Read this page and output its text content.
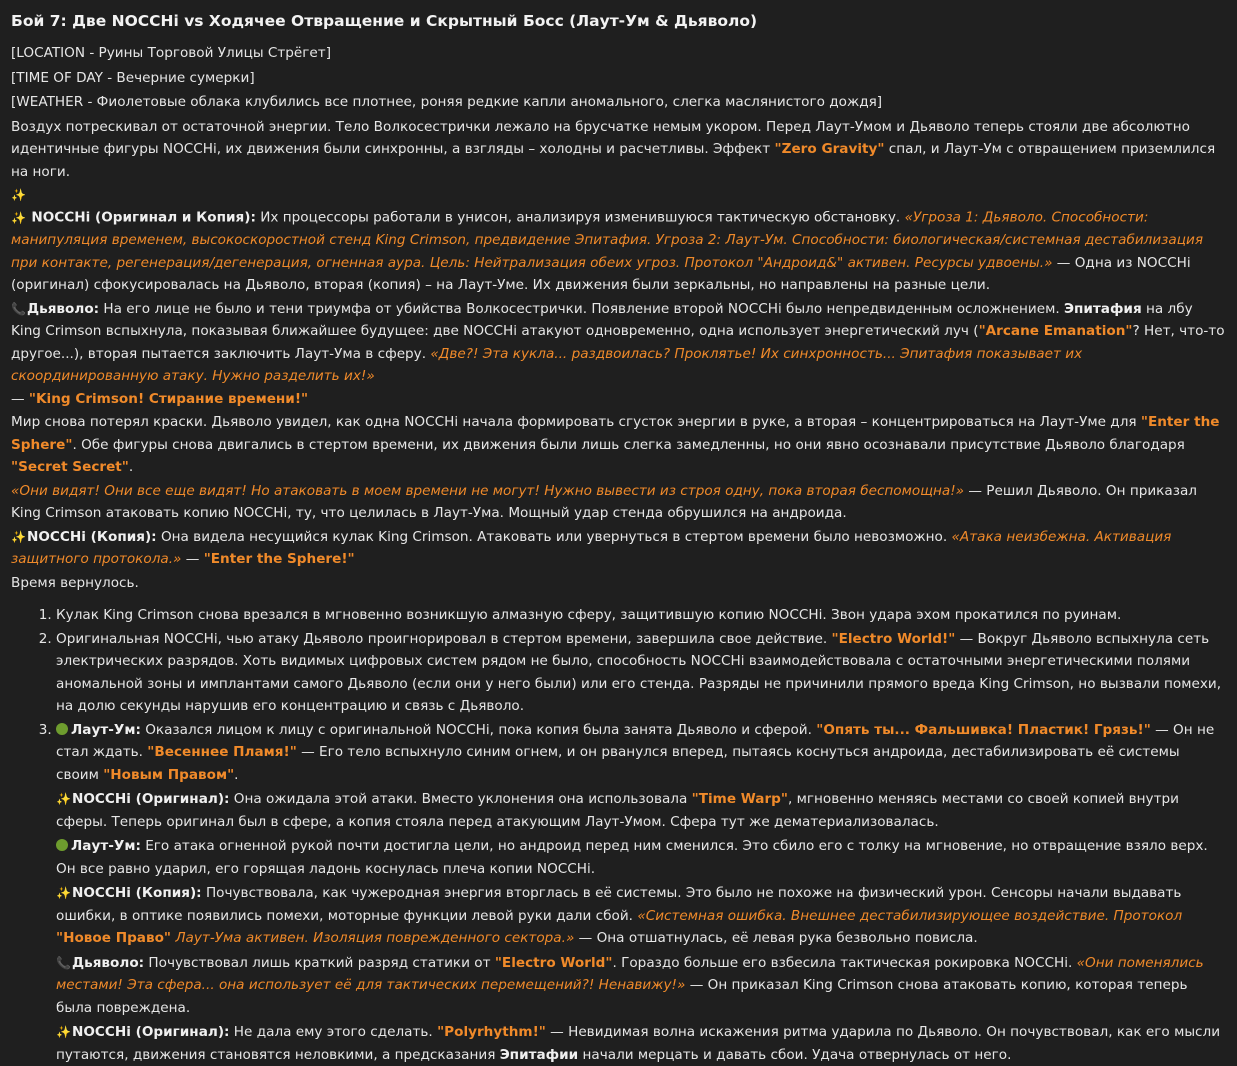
Бой 7: Две NOCCHi vs Ходячее Отвращение и Скрытный Босс (Лаут-Ум & Дьяволо)
[LOCATION - Руины Торговой Улицы Стрёгет]
[TIME OF DAY - Вечерние сумерки]
[WEATHER - Фиолетовые облака клубились все плотнее, роняя редкие капли аномального, слегка маслянистого дождя]
Воздух потрескивал от остаточной энергии. Тело Волкосестрички лежало на брусчатке немым укором. Перед Лаут-Умом и Дьяволо теперь стояли две абсолютно идентичные фигуры NOCCHi, их движения были синхронны, а взгляды – холодны и расчетливы. Эффект "Zero Gravity" спал, и Лаут-Ум с отвращением приземлился на ноги.
✨ ✨ NOCCHi (Оригинал и Копия): Их процессоры работали в унисон, анализируя изменившуюся тактическую обстановку. «Угроза 1: Дьяволо. Способности: манипуляция временем, высокоскоростной стенд King Crimson, предвидение Эпитафия. Угроза 2: Лаут-Ум. Способности: биологическая/системная дестабилизация при контакте, регенерация/дегенерация, огненная аура. Цель: Нейтрализация обеих угроз. Протокол "Андроид&" активен. Ресурсы удвоены.» — Одна из NOCCHi (оригинал) сфокусировалась на Дьяволо, вторая (копия) – на Лаут-Уме. Их движения были зеркальны, но направлены на разные цели.
📞Дьяволо: На его лице не было и тени триумфа от убийства Волкосестрички. Появление второй NOCCHi было непредвиденным осложнением. Эпитафия на лбу King Crimson вспыхнула, показывая ближайшее будущее: две NOCCHi атакуют одновременно, одна использует энергетический луч ("Arcane Emanation"? Нет, что-то другое...), вторая пытается заключить Лаут-Ума в сферу. «Две?! Эта кукла... раздвоилась? Проклятье! Их синхронность... Эпитафия показывает их скоординированную атаку. Нужно разделить их!»
— "King Crimson! Стирание времени!"
Мир снова потерял краски. Дьяволо увидел, как одна NOCCHi начала формировать сгусток энергии в руке, а вторая – концентрироваться на Лаут-Уме для "Enter the Sphere". Обе фигуры снова двигались в стертом времени, их движения были лишь слегка замедленны, но они явно осознавали присутствие Дьяволо благодаря "Secret Secret".
«Они видят! Они все еще видят! Но атаковать в моем времени не могут! Нужно вывести из строя одну, пока вторая беспомощна!» — Решил Дьяволо. Он приказал King Crimson атаковать копию NOCCHi, ту, что целилась в Лаут-Ума. Мощный удар стенда обрушился на андроида.
✨NOCCHi (Копия): Она видела несущийся кулак King Crimson. Атаковать или увернуться в стертом времени было невозможно. «Атака неизбежна. Активация защитного протокола.» — "Enter the Sphere!"
Время вернулось.
1. Кулак King Crimson снова врезался в мгновенно возникшую алмазную сферу, защитившую копию NOCCHi. Звон удара эхом прокатился по руинам.
2. Оригинальная NOCCHi, чью атаку Дьяволо проигнорировал в стертом времени, завершила свое действие. "Electro World!" — Вокруг Дьяволо вспыхнула сеть электрических разрядов. Хоть видимых цифровых систем рядом не было, способность NOCCHi взаимодействовала с остаточными энергетическими полями аномальной зоны и имплантами самого Дьяволо (если они у него были) или его стенда. Разряды не причинили прямого вреда King Crimson, но вызвали помехи, на долю секунды нарушив его концентрацию и связь с Дьяволо.
3. Лаут-Ум: Оказался лицом к лицу с оригинальной NOCCHi, пока копия была занята Дьяволо и сферой. "Опять ты... Фальшивка! Пластик! Грязь!" — Он не стал ждать. "Весеннее Пламя!" — Его тело вспыхнуло синим огнем, и он рванулся вперед, пытаясь коснуться андроида, дестабилизировать её системы своим "Новым Правом".
✨NOCCHi (Оригинал): Она ожидала этой атаки. Вместо уклонения она использовала "Time Warp", мгновенно меняясь местами со своей копией внутри сферы. Теперь оригинал был в сфере, а копия стояла перед атакующим Лаут-Умом. Сфера тут же дематериализовалась.
Лаут-Ум: Его атака огненной рукой почти достигла цели, но андроид перед ним сменился. Это сбило его с толку на мгновение, но отвращение взяло верх. Он все равно ударил, его горящая ладонь коснулась плеча копии NOCCHi.
✨NOCCHi (Копия): Почувствовала, как чужеродная энергия вторглась в её системы. Это было не похоже на физический урон. Сенсоры начали выдавать ошибки, в оптике появились помехи, моторные функции левой руки дали сбой. «Системная ошибка. Внешнее дестабилизирующее воздействие. Протокол "Новое Право" Лаут-Ума активен. Изоляция поврежденного сектора.» — Она отшатнулась, её левая рука безвольно повисла.
📞Дьяволо: Почувствовал лишь краткий разряд статики от "Electro World". Гораздо больше его взбесила тактическая рокировка NOCCHi. «Они поменялись местами! Эта сфера... она использует её для тактических перемещений?! Ненавижу!» — Он приказал King Crimson снова атаковать копию, которая теперь была повреждена.
✨NOCCHi (Оригинал): Не дала ему этого сделать. "Polyrhythm!" — Невидимая волна искажения ритма ударила по Дьяволо. Он почувствовал, как его мысли путаются, движения становятся неловкими, а предсказания Эпитафии начали мерцать и давать сбои. Удача отвернулась от него.
